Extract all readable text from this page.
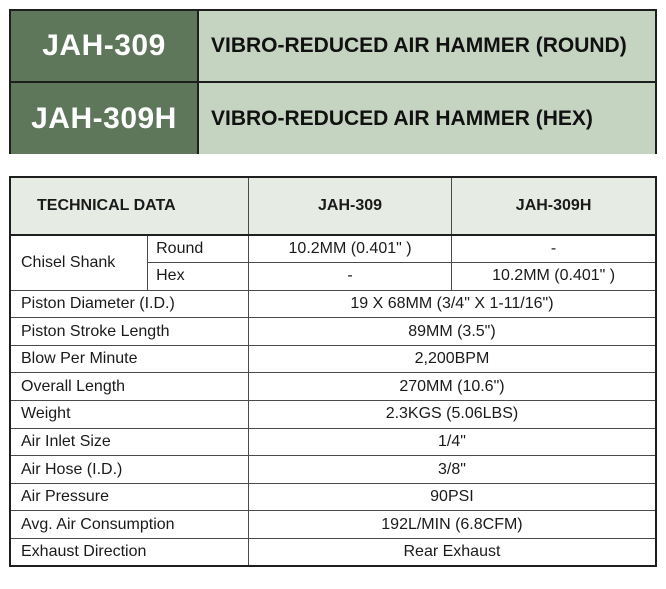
JAH-309	VIBRO-REDUCED AIR HAMMER (ROUND)
JAH-309H	VIBRO-REDUCED AIR HAMMER (HEX)
TECHNICAL DATA		JAH-309	JAH-309H
Chisel Shank	Round	10.2MM (0.401" )	-
	Hex	-	10.2MM (0.401" )
Piston Diameter (I.D.)		19 X 68MM (3/4" X 1-11/16")	
Piston Stroke Length		89MM (3.5")	
Blow Per Minute		2,200BPM	
Overall Length		270MM (10.6")	
Weight		2.3KGS (5.06LBS)	
Air Inlet Size		1/4"	
Air Hose (I.D.)		3/8"	
Air Pressure		90PSI	
Avg. Air Consumption		192L/MIN (6.8CFM)	
Exhaust Direction		Rear Exhaust	
